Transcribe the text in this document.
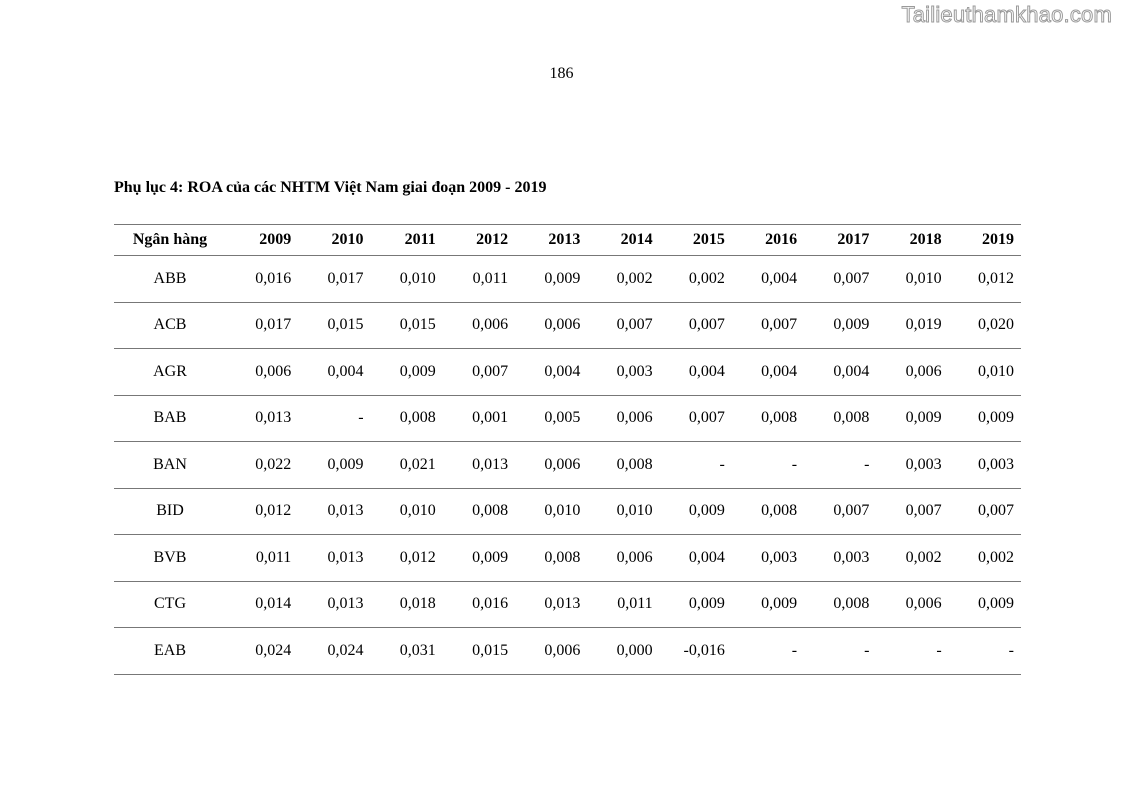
Tailieuthamkhao.com
186
Phụ lục 4: ROA của các NHTM Việt Nam giai đoạn 2009 - 2019
Ngân hàng	2009	2010	2011	2012	2013	2014	2015	2016	2017	2018	2019
ABB	0,016	0,017	0,010	0,011	0,009	0,002	0,002	0,004	0,007	0,010	0,012
ACB	0,017	0,015	0,015	0,006	0,006	0,007	0,007	0,007	0,009	0,019	0,020
AGR	0,006	0,004	0,009	0,007	0,004	0,003	0,004	0,004	0,004	0,006	0,010
BAB	0,013	-	0,008	0,001	0,005	0,006	0,007	0,008	0,008	0,009	0,009
BAN	0,022	0,009	0,021	0,013	0,006	0,008	-	-	-	0,003	0,003
BID	0,012	0,013	0,010	0,008	0,010	0,010	0,009	0,008	0,007	0,007	0,007
BVB	0,011	0,013	0,012	0,009	0,008	0,006	0,004	0,003	0,003	0,002	0,002
CTG	0,014	0,013	0,018	0,016	0,013	0,011	0,009	0,009	0,008	0,006	0,009
EAB	0,024	0,024	0,031	0,015	0,006	0,000	-0,016	-	-	-	-
